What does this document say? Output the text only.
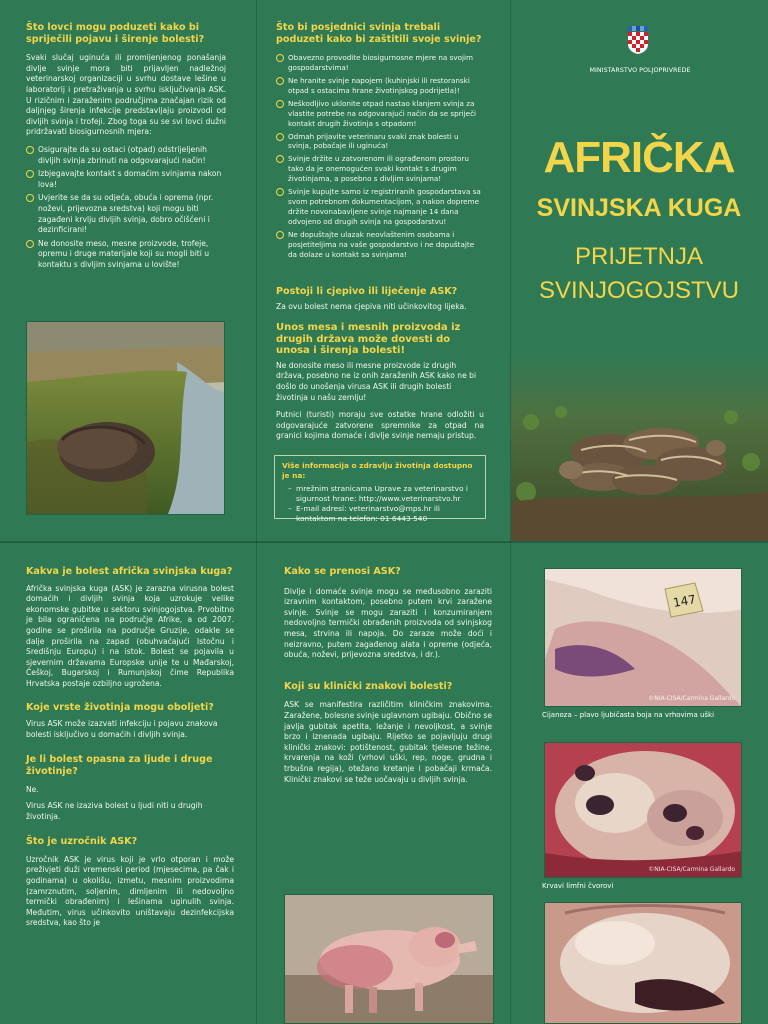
Što lovci mogu poduzeti kako bi spriječili pojavu i širenje bolesti?

Svaki slučaj uginuća ili promijenjenog ponašanja divlje svinje mora biti prijavljen nadležnoj veterinarskoj organizaciji u svrhu dostave lešine u laboratorij i pretraživanja u svrhu isključivanja ASK. U rizičnim i zaraženim područjima značajan rizik od daljnjeg širenja infekcije predstavljaju proizvodi od divljih svinja i trofeji. Zbog toga su se svi lovci dužni pridržavati biosigurnosnih mjera:

Osigurajte da su ostaci (otpad) odstrijeljenih divljih svinja zbrinuti na odgovarajući način!
Izbjegavajte kontakt s domaćim svinjama nakon lova!
Uvjerite se da su odjeća, obuća i oprema (npr. noževi, prijevozna sredstva) koji mogu biti zagađeni krvlju divljih svinja, dobro očišćeni i dezinficirani!
Ne donosite meso, mesne proizvode, trofeje, opremu i druge materijale koji su mogli biti u kontaktu s divljim svinjama u lovište!
Što bi posjednici svinja trebali poduzeti kako bi zaštitili svoje svinje?
Obavezno provodite biosigurnosne mjere na svojim gospodarstvima!
Ne hranite svinje napojem (kuhinjski ili restoranski otpad s ostacima hrane životinjskog podrijetla)!
Neškodljivo uklonite otpad nastao klanjem svinja za vlastite potrebe na odgovarajući način da se spriječi kontakt drugih životinja s otpadom!
Odmah prijavite veterinaru svaki znak bolesti u svinja, pobačaje ili uginuća!
Svinje držite u zatvorenom ili ograđenom prostoru tako da je onemogućen svaki kontakt s drugim životinjama, a posebno s divljim svinjama!
Svinje kupujte samo iz registriranih gospodarstava sa svom potrebnom dokumentacijom, a nakon dopreme držite novonabavljene svinje najmanje 14 dana odvojeno od drugih svinja na gospodarstvu!
Ne dopuštajte ulazak neovlaštenim osobama i posjetiteljima na vaše gospodarstvo i ne dopuštajte da dolaze u kontakt sa svinjama!
Postoji li cjepivo ili liječenje ASK?

Za ovu bolest nema cjepiva niti učinkovitog lijeka.

Unos mesa i mesnih proizvoda iz drugih država može dovesti do unosa i širenja bolesti!

Ne donosite meso ili mesne proizvode iz drugih država, posebno ne iz onih zaraženih ASK kako ne bi došlo do unošenja virusa ASK ili drugih bolesti životinja u našu zemlju!

Putnici (turisti) moraju sve ostatke hrane odložiti u odgovarajuće zatvorene spremnike za otpad na granici kojima domaće i divlje svinje nemaju pristup.

Više informacija o zdravlju životinja dostupno je na:
– mrežnim stranicama Uprave za veterinarstvo i sigurnost hrane: http://www.veterinarstvo.hr
– E-mail adresi: veterinarstvo@mps.hr ili kontaktom na telefon: 01 6443 540
MINISTARSTVO POLJOPRIVREDE
AFRIČKA
SVINJSKA KUGA
PRIJETNJA
SVINJOGOJSTVU
Kakva je bolest afrička svinjska kuga?

Afrička svinjska kuga (ASK) je zarazna virusna bolest domaćih i divljih svinja koja uzrokuje velike ekonomske gubitke u sektoru svinjogojstva. Prvobitno je bila ograničena na područje Afrike, a od 2007. godine se proširila na područje Gruzije, odakle se dalje proširila na zapad (obuhvaćajući Istočnu i Središnju Europu) i na istok. Bolest se pojavila u sjevernim državama Europske unije te u Mađarskoj, Češkoj, Bugarskoj i Rumunjskoj čime Republika Hrvatska postaje ozbiljno ugrožena.

Koje vrste životinja mogu oboljeti?

Virus ASK može izazvati infekciju i pojavu znakova bolesti isključivo u domaćih i divljih svinja.

Je li bolest opasna za ljude i druge životinje?

Ne.

Virus ASK ne izaziva bolest u ljudi niti u drugih životinja.

Što je uzročnik ASK?

Uzročnik ASK je virus koji je vrlo otporan i može preživjeti duži vremenski period (mjesecima, pa čak i godinama) u okolišu, izmetu, mesnim proizvodima (zamrznutim, soljenim, dimljenim ili nedovoljno termički obrađenim) i lešinama uginulih svinja. Međutim, virus učinkovito uništavaju dezinfekcijska sredstva, kao što je

Kako se prenosi ASK?

Divlje i domaće svinje mogu se međusobno zaraziti izravnim kontaktom, posebno putem krvi zaražene svinje. Svinje se mogu zaraziti i konzumiranjem nedovoljno termički obrađenih proizvoda od svinjskog mesa, strvina ili napoja. Do zaraze može doći i neizravno, putem zagađenog alata i opreme (odjeća, obuća, noževi, prijevozna sredstva, i dr.).

Koji su klinički znakovi bolesti?

ASK se manifestira različitim kliničkim znakovima. Zaražene, bolesne svinje uglavnom ugibaju. Obično se javlja gubitak apetita, ležanje i nevoljkost, a svinje brzo i iznenada ugibaju. Rijetko se pojavljuju drugi klinički znakovi: potištenost, gubitak tjelesne težine, krvarenja na koži (vrhovi uški, rep, noge, grudna i trbušna regija), otežano kretanje i pobačaji krmača. Klinički znakovi se teže uočavaju u divljih svinja.

147
©NIA-CISA/Carmina Gallardo
Cijanoza – plavo ljubičasta boja na vrhovima uški
©NIA-CISA/Carmina Gallardo
Krvavi limfni čvorovi
